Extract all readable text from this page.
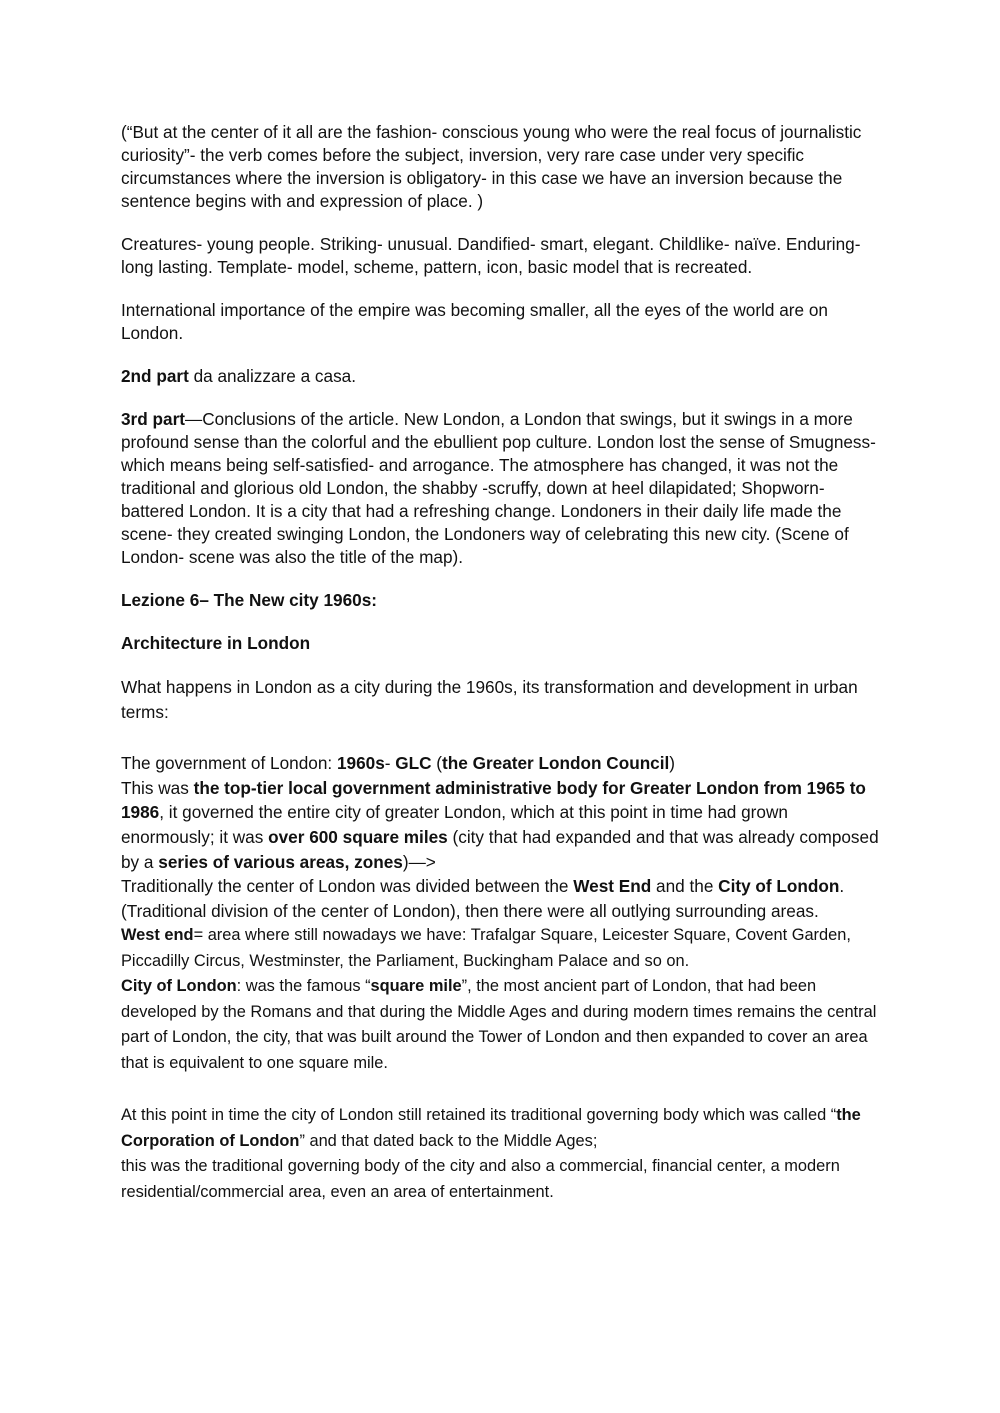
(“But at the center of it all are the fashion- conscious young who were the real focus of journalistic curiosity”- the verb comes before the subject, inversion, very rare case under very specific circumstances where the inversion is obligatory- in this case we have an inversion because the sentence begins with and expression of place. )

Creatures- young people. Striking- unusual. Dandified- smart, elegant. Childlike- naïve. Enduring- long lasting. Template- model, scheme, pattern, icon, basic model that is recreated.

International importance of the empire was becoming smaller, all the eyes of the world are on London.

2nd part da analizzare a casa.

3rd part—Conclusions of the article. New London, a London that swings, but it swings in a more profound sense than the colorful and the ebullient pop culture. London lost the sense of Smugness- which means being self-satisfied- and arrogance. The atmosphere has changed, it was not the traditional and glorious old London, the shabby -scruffy, down at heel dilapidated; Shopworn- battered London. It is a city that had a refreshing change. Londoners in their daily life made the scene- they created swinging London, the Londoners way of celebrating this new city. (Scene of London- scene was also the title of the map).

Lezione 6– The New city 1960s:

Architecture in London

What happens in London as a city during the 1960s, its transformation and development in urban terms:

The government of London: 1960s- GLC (the Greater London Council)

This was the top-tier local government administrative body for Greater London from 1965 to 1986, it governed the entire city of greater London, which at this point in time had grown enormously; it was over 600 square miles (city that had expanded and that was already composed by a series of various areas, zones)—>

Traditionally the center of London was divided between the West End and the City of London. (Traditional division of the center of London), then there were all outlying surrounding areas.

West end= area where still nowadays we have: Trafalgar Square, Leicester Square, Covent Garden, Piccadilly Circus, Westminster, the Parliament, Buckingham Palace and so on.

City of London: was the famous “square mile”, the most ancient part of London, that had been developed by the Romans and that during the Middle Ages and during modern times remains the central part of London, the city, that was built around the Tower of London and then expanded to cover an area that is equivalent to one square mile.

At this point in time the city of London still retained its traditional governing body which was called “the Corporation of London” and that dated back to the Middle Ages;

this was the traditional governing body of the city and also a commercial, financial center, a modern residential/commercial area, even an area of entertainment.
